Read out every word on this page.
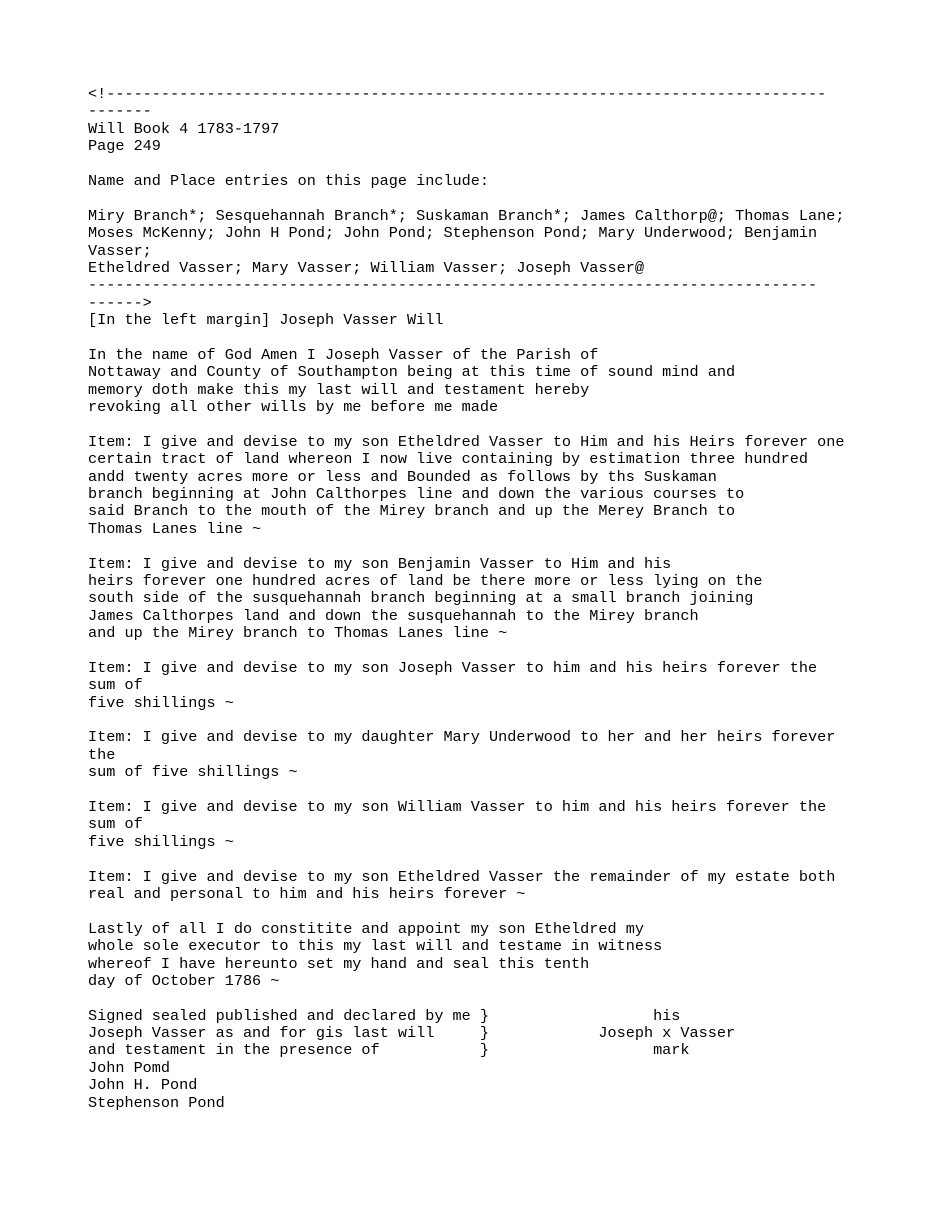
<!-------------------------------------------------------------------------------
-------
Will Book 4 1783-1797
Page 249
Name and Place entries on this page include:
Miry Branch*; Sesquehannah Branch*; Suskaman Branch*; James Calthorp@; Thomas Lane;
Moses McKenny; John H Pond; John Pond; Stephenson Pond; Mary Underwood; Benjamin
Vasser;
Etheldred Vasser; Mary Vasser; William Vasser; Joseph Vasser@
--------------------------------------------------------------------------------
------>
[In the left margin] Joseph Vasser Will
In the name of God Amen I Joseph Vasser of the Parish of
Nottaway and County of Southampton being at this time of sound mind and
memory doth make this my last will and testament hereby
revoking all other wills by me before me made
Item: I give and devise to my son Etheldred Vasser to Him and his Heirs forever one
certain tract of land whereon I now live containing by estimation three hundred
andd twenty acres more or less and Bounded as follows by ths Suskaman
branch beginning at John Calthorpes line and down the various courses to
said Branch to the mouth of the Mirey branch and up the Merey Branch to
Thomas Lanes line ~
Item: I give and devise to my son Benjamin Vasser to Him and his
heirs forever one hundred acres of land be there more or less lying on the
south side of the susquehannah branch beginning at a small branch joining
James Calthorpes land and down the susquehannah to the Mirey branch
and up the Mirey branch to Thomas Lanes line ~
Item: I give and devise to my son Joseph Vasser to him and his heirs forever the
sum of
five shillings ~
Item: I give and devise to my daughter Mary Underwood to her and her heirs forever
the
sum of five shillings ~
Item: I give and devise to my son William Vasser to him and his heirs forever the
sum of
five shillings ~
Item: I give and devise to my son Etheldred Vasser the remainder of my estate both
real and personal to him and his heirs forever ~
Lastly of all I do constitite and appoint my son Etheldred my
whole sole executor to this my last will and testame in witness
whereof I have hereunto set my hand and seal this tenth
day of October 1786 ~
Signed sealed published and declared by me }                  his
Joseph Vasser as and for gis last will     }            Joseph x Vasser
and testament in the presence of           }                  mark
John Pomd
John H. Pond
Stephenson Pond
